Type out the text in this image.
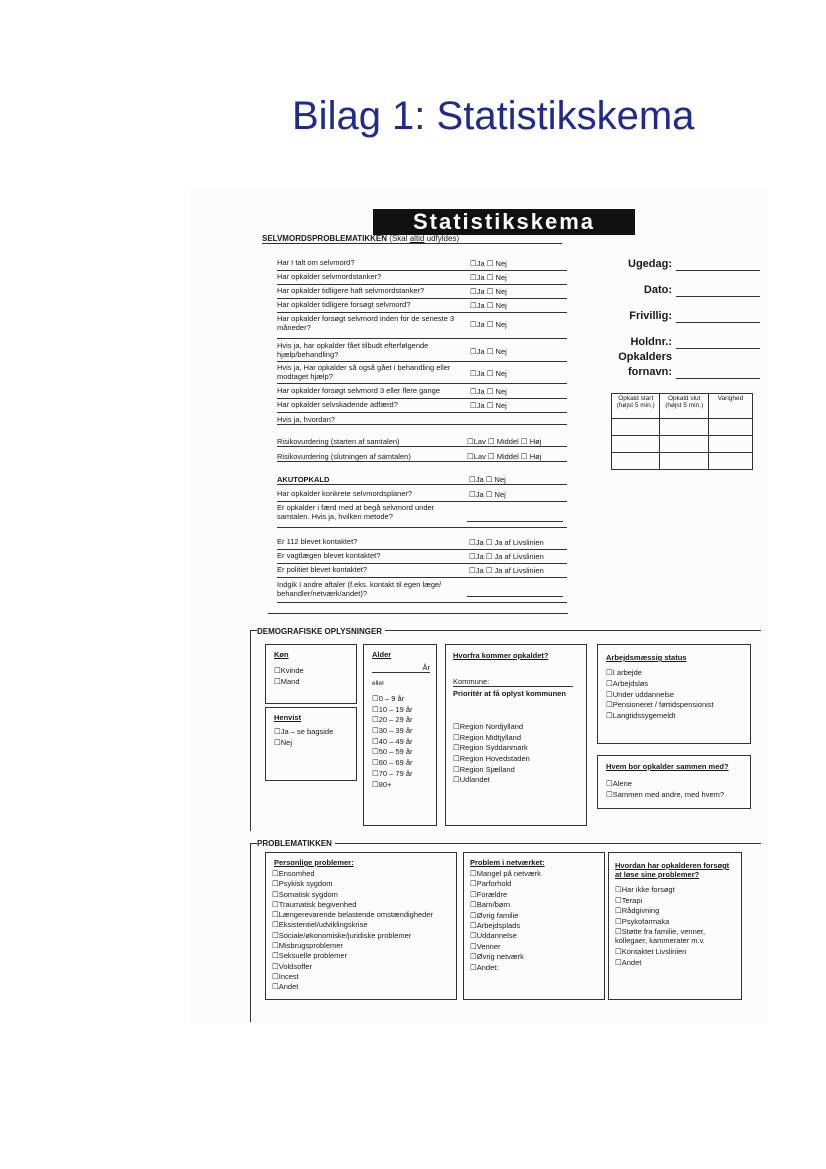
Bilag 1: Statistikskema
Statistikskema
SELVMORDSPROBLEMATIKKEN (Skal altid udfyldes)
Har I talt om selvmord?	☐ Ja ☐ Nej
Har opkalder selvmordstanker?	☐ Ja ☐ Nej
Har opkalder tidligere haft selvmordstanker?	☐ Ja ☐ Nej
Har opkalder tidligere forsøgt selvmord?	☐ Ja ☐ Nej
Har opkalder forsøgt selvmord inden for de seneste 3 måneder?	☐ Ja ☐ Nej
Hvis ja, har opkalder fået tilbudt efterfølgende hjælp/behandling?	☐ Ja ☐ Nej
Hvis ja, Har opkalder så også gået i behandling eller modtaget hjælp?	☐ Ja ☐ Nej
Har opkalder forsøgt selvmord 3 eller flere gange	☐ Ja ☐ Nej
Har opkalder selvskadende adfærd?	☐ Ja ☐ Nej
Hvis ja, hvordan?
Risikovurdering (starten af samtalen)	☐ Lav ☐ Middel ☐ Høj
Risikovurdering (slutningen af samtalen)	☐ Lav ☐ Middel ☐ Høj
AKUTOPKALD	☐ Ja ☐ Nej
Har opkalder konkrete selvmordsplaner?	☐ Ja ☐ Nej
Er opkalder i færd med at begå selvmord under samtalen. Hvis ja, hvilken metode?
Er 112 blevet kontaktet?	☐ Ja ☐ Ja af Livslinien
Er vagtlægen blevet kontaktet?	☐ Ja ☐ Ja af Livslinien
Er politiet blevet kontaktet?	☐ Ja ☐ Ja af Livslinien
Indgik I andre aftaler (f.eks. kontakt til egen læge/ behandler/netværk/andet)?
Ugedag:
Dato:
Frivillig:
Holdnr.:
Opkalders fornavn:
Opkald start (højst 5 min.)	Opkald slut (højst 5 min.)	Varighed

DEMOGRAFISKE OPLYSNINGER
Køn
☐ Kvinde
☐ Mand
Henvist
☐ Ja – se bagside
☐ Nej
Alder
År
eller
☐ 0 – 9 år
☐ 10 – 19 år
☐ 20 – 29 år
☐ 30 – 39 år
☐ 40 – 49 år
☐ 50 – 59 år
☐ 60 – 69 år
☐ 70 – 79 år
☐ 80+
Hvorfra kommer opkaldet?
Kommune:
Prioritér at få oplyst kommunen
☐ Region Nordjylland
☐ Region Midtjylland
☐ Region Syddanmark
☐ Region Hovedstaden
☐ Region Sjælland
☐ Udlandet
Arbejdsmæssig status
☐ I arbejde
☐ Arbejdsløs
☐ Under uddannelse
☐ Pensioneret / førtidspensionist
☐ Langtidssygemeldt
Hvem bor opkalder sammen med?
☐ Alene
☐ Sammen med andre, med hvem?
PROBLEMATIKKEN
Personlige problemer:
☐ Ensomhed
☐ Psykisk sygdom
☐ Somatisk sygdom
☐ Traumatisk begivenhed
☐ Længerevarende belastende omstændigheder
☐ Eksistentiel/udviklingskrise
☐ Sociale/økonomiske/juridiske problemer
☐ Misbrugsproblemer
☐ Seksuelle problemer
☐ Voldsoffer
☐ Incest
☐ Andet
Problem i netværket:
☐ Mangel på netværk
☐ Parforhold
☐ Forældre
☐ Barn/børn
☐ Øvrig familie
☐ Arbejdsplads
☐ Uddannelse
☐ Venner
☐ Øvrig netværk
☐ Andet:
Hvordan har opkalderen forsøgt at løse sine problemer?
☐ Har ikke forsøgt
☐ Terapi
☐ Rådgivning
☐ Psykofarmaka
☐ Støtte fra familie, venner, kollegaer, kammerater m.v.
☐ Kontaktet Livslinien
☐ Andet
